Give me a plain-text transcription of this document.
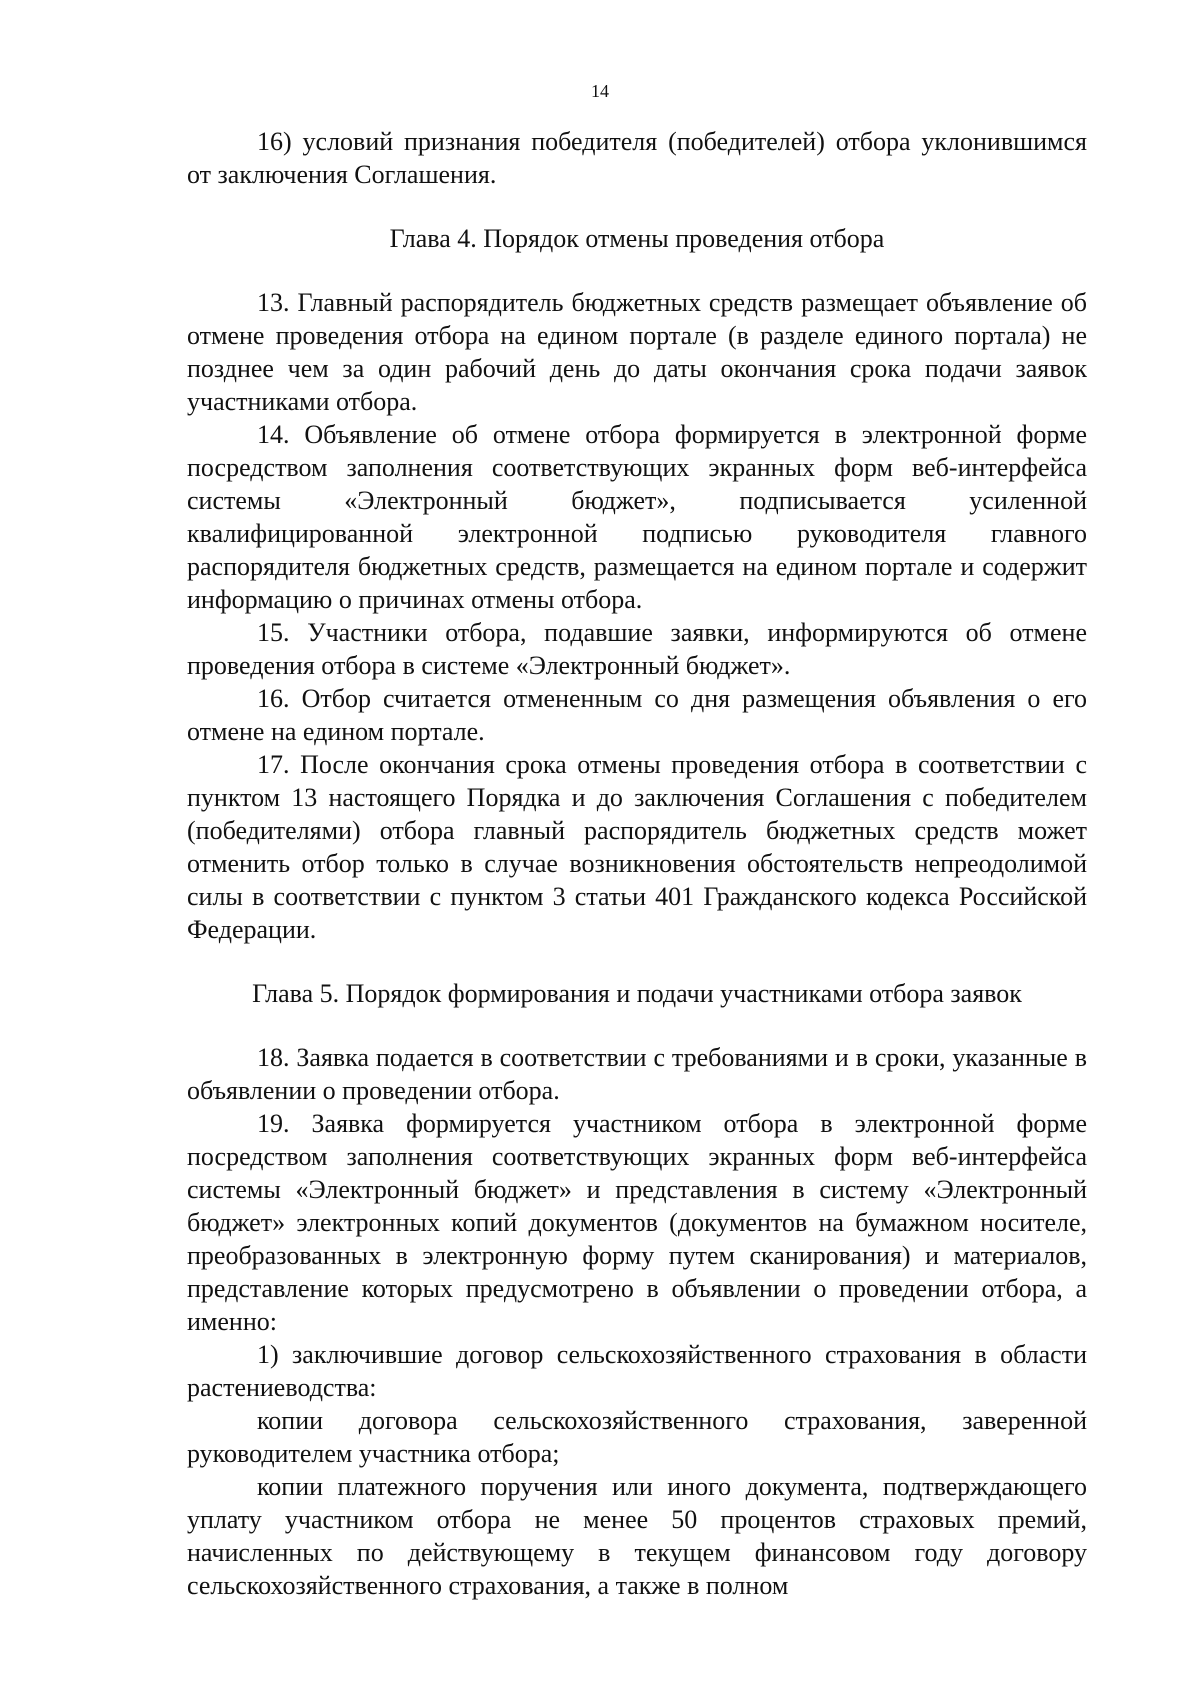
14

16) условий признания победителя (победителей) отбора уклонившимся от заключения Соглашения.

Глава 4. Порядок отмены проведения отбора

13. Главный распорядитель бюджетных средств размещает объявление об отмене проведения отбора на едином портале (в разделе единого портала) не позднее чем за один рабочий день до даты окончания срока подачи заявок участниками отбора.

14. Объявление об отмене отбора формируется в электронной форме посредством заполнения соответствующих экранных форм веб-интерфейса системы «Электронный бюджет», подписывается усиленной квалифицированной электронной подписью руководителя главного распорядителя бюджетных средств, размещается на едином портале и содержит информацию о причинах отмены отбора.

15. Участники отбора, подавшие заявки, информируются об отмене проведения отбора в системе «Электронный бюджет».

16. Отбор считается отмененным со дня размещения объявления о его отмене на едином портале.

17. После окончания срока отмены проведения отбора в соответствии с пунктом 13 настоящего Порядка и до заключения Соглашения с победителем (победителями) отбора главный распорядитель бюджетных средств может отменить отбор только в случае возникновения обстоятельств непреодолимой силы в соответствии с пунктом 3 статьи 401 Гражданского кодекса Российской Федерации.

Глава 5. Порядок формирования и подачи участниками отбора заявок

18. Заявка подается в соответствии с требованиями и в сроки, указанные в объявлении о проведении отбора.

19. Заявка формируется участником отбора в электронной форме посредством заполнения соответствующих экранных форм веб-интерфейса системы «Электронный бюджет» и представления в систему «Электронный бюджет» электронных копий документов (документов на бумажном носителе, преобразованных в электронную форму путем сканирования) и материалов, представление которых предусмотрено в объявлении о проведении отбора, а именно:

1) заключившие договор сельскохозяйственного страхования в области растениеводства:

копии договора сельскохозяйственного страхования, заверенной руководителем участника отбора;

копии платежного поручения или иного документа, подтверждающего уплату участником отбора не менее 50 процентов страховых премий, начисленных по действующему в текущем финансовом году договору сельскохозяйственного страхования, а также в полном
